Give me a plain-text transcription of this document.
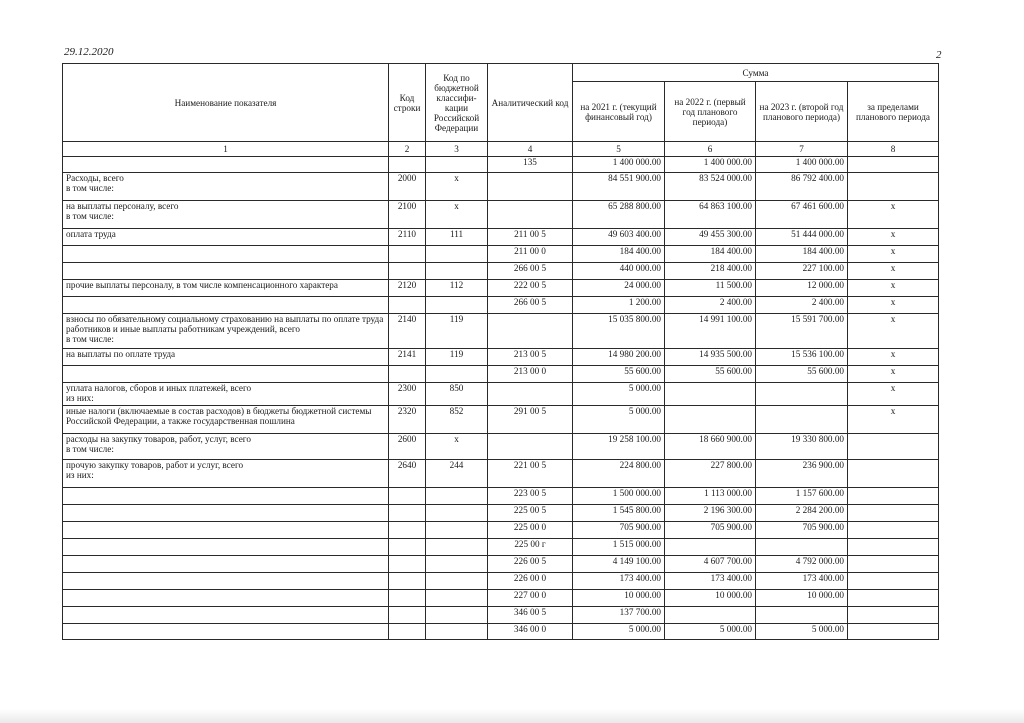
29.12.2020	2
Наименование показателя	Код строки	Код по бюджетной классифи-кации Российской Федерации	Аналитический код	Сумма			
				на 2021 г. (текущий финансовый год)	на 2022 г. (первый год планового периода)	на 2023 г. (второй год планового периода)	за пределами планового периода
1	2	3	4	5	6	7	8
			135	1 400 000.00	1 400 000.00	1 400 000.00	
Расходы, всего
в том числе:	2000	x		84 551 900.00	83 524 000.00	86 792 400.00	
на выплаты персоналу, всего
в том числе:	2100	x		65 288 800.00	64 863 100.00	67 461 600.00	x
оплата труда	2110	111	211 00 5	49 603 400.00	49 455 300.00	51 444 000.00	x
			211 00 0	184 400.00	184 400.00	184 400.00	x
			266 00 5	440 000.00	218 400.00	227 100.00	x
прочие выплаты персоналу, в том числе компенсационного характера	2120	112	222 00 5	24 000.00	11 500.00	12 000.00	x
			266 00 5	1 200.00	2 400.00	2 400.00	x
взносы по обязательному социальному страхованию на выплаты по оплате труда работников и иные выплаты работникам учреждений, всего
в том числе:	2140	119		15 035 800.00	14 991 100.00	15 591 700.00	x
на выплаты по оплате труда	2141	119	213 00 5	14 980 200.00	14 935 500.00	15 536 100.00	x
			213 00 0	55 600.00	55 600.00	55 600.00	x
уплата налогов, сборов и иных платежей, всего
из них:	2300	850		5 000.00			x
иные налоги (включаемые в состав расходов) в бюджеты бюджетной системы Российской Федерации, а также государственная пошлина	2320	852	291 00 5	5 000.00			x
расходы на закупку товаров, работ, услуг, всего
в том числе:	2600	x		19 258 100.00	18 660 900.00	19 330 800.00	
прочую закупку товаров, работ и услуг, всего
из них:	2640	244	221 00 5	224 800.00	227 800.00	236 900.00	
			223 00 5	1 500 000.00	1 113 000.00	1 157 600.00	
			225 00 5	1 545 800.00	2 196 300.00	2 284 200.00	
			225 00 0	705 900.00	705 900.00	705 900.00	
			225 00 г	1 515 000.00			
			226 00 5	4 149 100.00	4 607 700.00	4 792 000.00	
			226 00 0	173 400.00	173 400.00	173 400.00	
			227 00 0	10 000.00	10 000.00	10 000.00	
			346 00 5	137 700.00			
			346 00 0	5 000.00	5 000.00	5 000.00	
